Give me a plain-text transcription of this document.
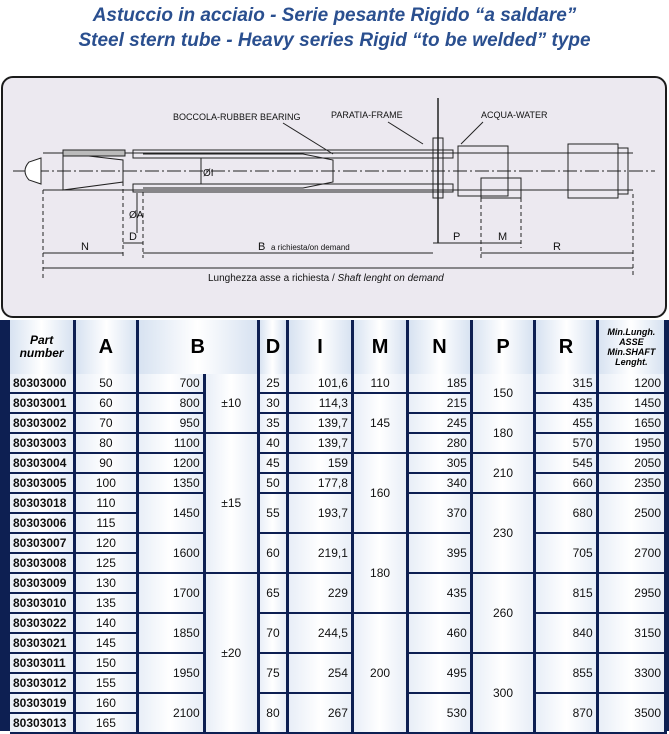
Astuccio in acciaio - Serie pesante Rigido “a saldare”
Steel stern tube - Heavy series Rigid “to be welded” type
BOCCOLA-RUBBER BEARING	PARATIA-FRAME	ACQUA-WATER
N
D
ØA
ØI
B a richiesta/on demand
P	M
R
Lunghezza asse a richiesta / Shaft lenght on demand
Part
number	A	B		D	I	M	N	P	R	Min.Lungh.
ASSE
Min.SHAFT
Lenght.
80303000	50	700	±10	25	101,6	110	185	150	315	1200
80303001	60	800		30	114,3	145	215		435	1450
80303002	70	950		35	139,7		245	180	455	1650
80303003	80	1100	±15	40	139,7		280		570	1950
80303004	90	1200		45	159	160	305	210	545	2050
80303005	100	1350		50	177,8		340		660	2350
80303018	110	1450		55	193,7		370	230	680	2500
80303006	115									
80303007	120	1600		60	219,1	180	395		705	2700
80303008	125									
80303009	130	1700	±20	65	229		435	260	815	2950
80303010	135									
80303022	140	1850		70	244,5	200	460		840	3150
80303021	145									
80303011	150	1950		75	254		495	300	855	3300
80303012	155									
80303019	160	2100		80	267		530		870	3500
80303013	165									
